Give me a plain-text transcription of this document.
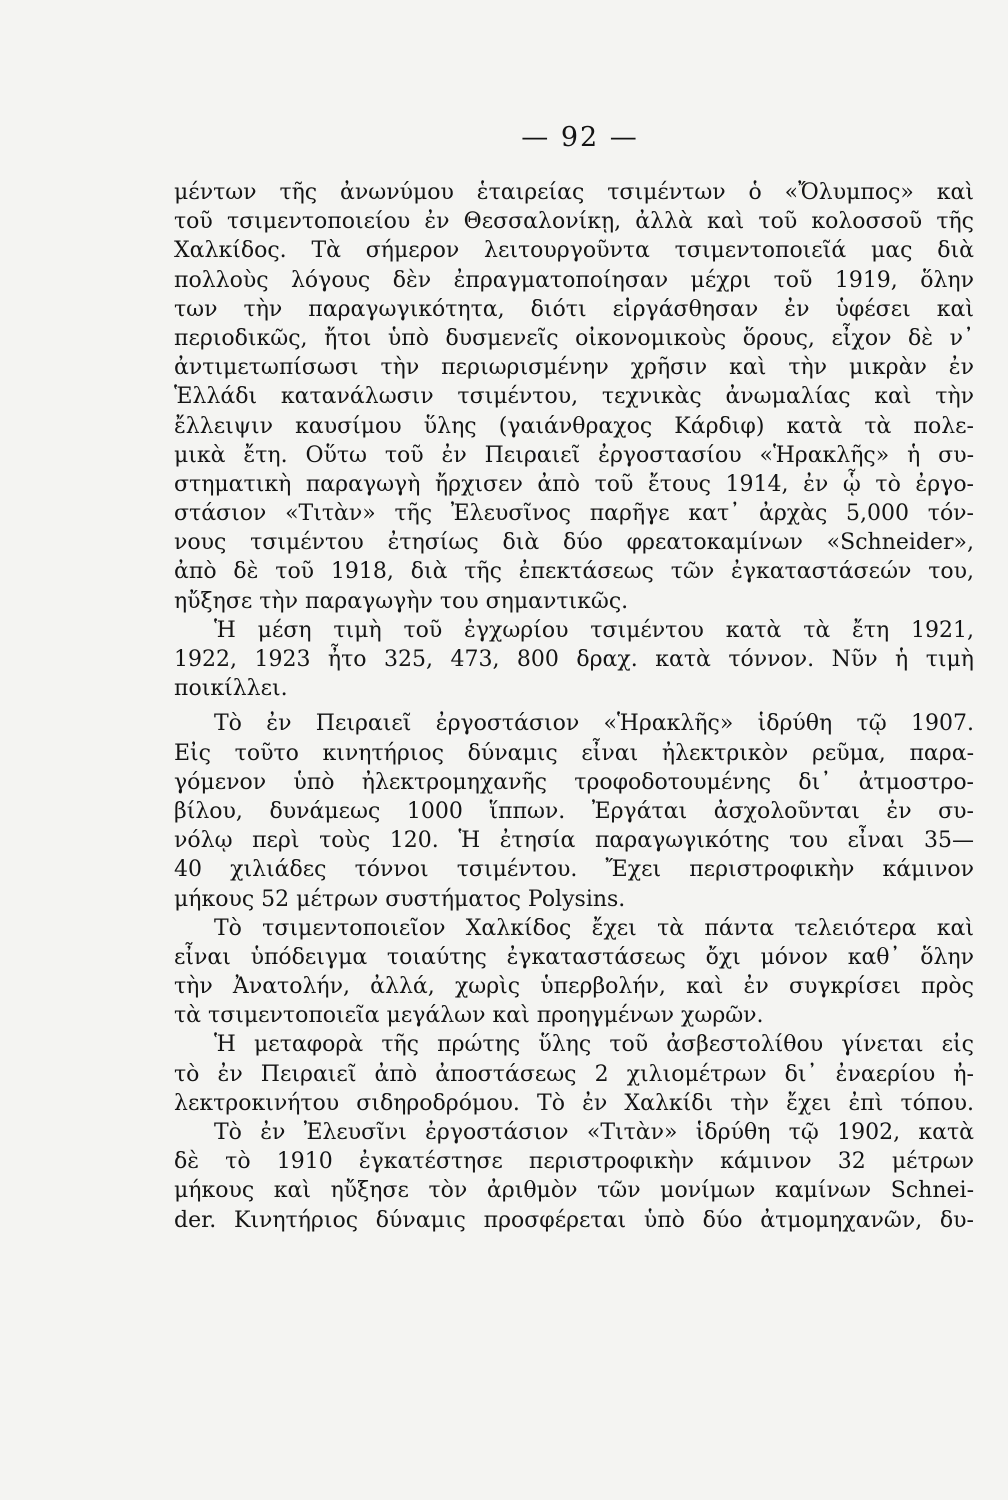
— 92 —
μέντων τῆς ἀνωνύμου ἑταιρείας τσιμέντων ὁ «Ὄλυμπος» καὶ
τοῦ τσιμεντοποιείου ἐν Θεσσαλονίκῃ, ἀλλὰ καὶ τοῦ κολοσσοῦ τῆς
Χαλκίδος. Τὰ σήμερον λειτουργοῦντα τσιμεντοποιεῖά μας διὰ
πολλοὺς λόγους δὲν ἐπραγματοποίησαν μέχρι τοῦ 1919, ὅλην
των τὴν παραγωγικότητα, διότι εἰργάσθησαν ἐν ὑφέσει καὶ
περιοδικῶς, ἤτοι ὑπὸ δυσμενεῖς οἰκονομικοὺς ὅρους, εἶχον δὲ ν᾿
ἀντιμετωπίσωσι τὴν περιωρισμένην χρῆσιν καὶ τὴν μικρὰν ἐν
Ἑλλάδι κατανάλωσιν τσιμέντου, τεχνικὰς ἀνωμαλίας καὶ τὴν
ἔλλειψιν καυσίμου ὕλης (γαιάνθραχος Κάρδιφ) κατὰ τὰ πολε-
μικὰ ἔτη. Οὕτω τοῦ ἐν Πειραιεῖ ἐργοστασίου «Ἡρακλῆς» ἡ συ-
στηματικὴ παραγωγὴ ἤρχισεν ἀπὸ τοῦ ἔτους 1914, ἐν ᾧ τὸ ἐργο-
στάσιον «Τιτὰν» τῆς Ἐλευσῖνος παρῆγε κατ᾿ ἀρχὰς 5,000 τόν-
νους τσιμέντου ἐτησίως διὰ δύο φρεατοκαμίνων «Schneider»,
ἀπὸ δὲ τοῦ 1918, διὰ τῆς ἐπεκτάσεως τῶν ἐγκαταστάσεών του,
ηὔξησε τὴν παραγωγὴν του σημαντικῶς.
Ἡ μέση τιμὴ τοῦ ἐγχωρίου τσιμέντου κατὰ τὰ ἔτη 1921,
1922, 1923 ἦτο 325, 473, 800 δραχ. κατὰ τόννον. Νῦν ἡ τιμὴ
ποικίλλει.
Τὸ ἐν Πειραιεῖ ἐργοστάσιον «Ἡρακλῆς» ἱδρύθη τῷ 1907.
Εἰς τοῦτο κινητήριος δύναμις εἶναι ἠλεκτρικὸν ρεῦμα, παρα-
γόμενον ὑπὸ ἠλεκτρομηχανῆς τροφοδοτουμένης δι᾿ ἀτμοστρο-
βίλου, δυνάμεως 1000 ἵππων. Ἐργάται ἀσχολοῦνται ἐν συ-
νόλῳ περὶ τοὺς 120. Ἡ ἐτησία παραγωγικότης του εἶναι 35—
40 χιλιάδες τόννοι τσιμέντου. Ἔχει περιστροφικὴν κάμινον
μήκους 52 μέτρων συστήματος Polysins.
Τὸ τσιμεντοποιεῖον Χαλκίδος ἔχει τὰ πάντα τελειότερα καὶ
εἶναι ὑπόδειγμα τοιαύτης ἐγκαταστάσεως ὄχι μόνον καθ᾿ ὅλην
τὴν Ἀνατολήν, ἀλλά, χωρὶς ὑπερβολήν, καὶ ἐν συγκρίσει πρὸς
τὰ τσιμεντοποιεῖα μεγάλων καὶ προηγμένων χωρῶν.
Ἡ μεταφορὰ τῆς πρώτης ὕλης τοῦ ἀσβεστολίθου γίνεται εἰς
τὸ ἐν Πειραιεῖ ἀπὸ ἀποστάσεως 2 χιλιομέτρων δι᾿ ἐναερίου ἠ-
λεκτροκινήτου σιδηροδρόμου. Τὸ ἐν Χαλκίδι τὴν ἔχει ἐπὶ τόπου.
Τὸ ἐν Ἐλευσῖνι ἐργοστάσιον «Τιτὰν» ἱδρύθη τῷ 1902, κατὰ
δὲ τὸ 1910 ἐγκατέστησε περιστροφικὴν κάμινον 32 μέτρων
μήκους καὶ ηὔξησε τὸν ἀριθμὸν τῶν μονίμων καμίνων Schnei-
der. Κινητήριος δύναμις προσφέρεται ὑπὸ δύο ἀτμομηχανῶν, δυ-
